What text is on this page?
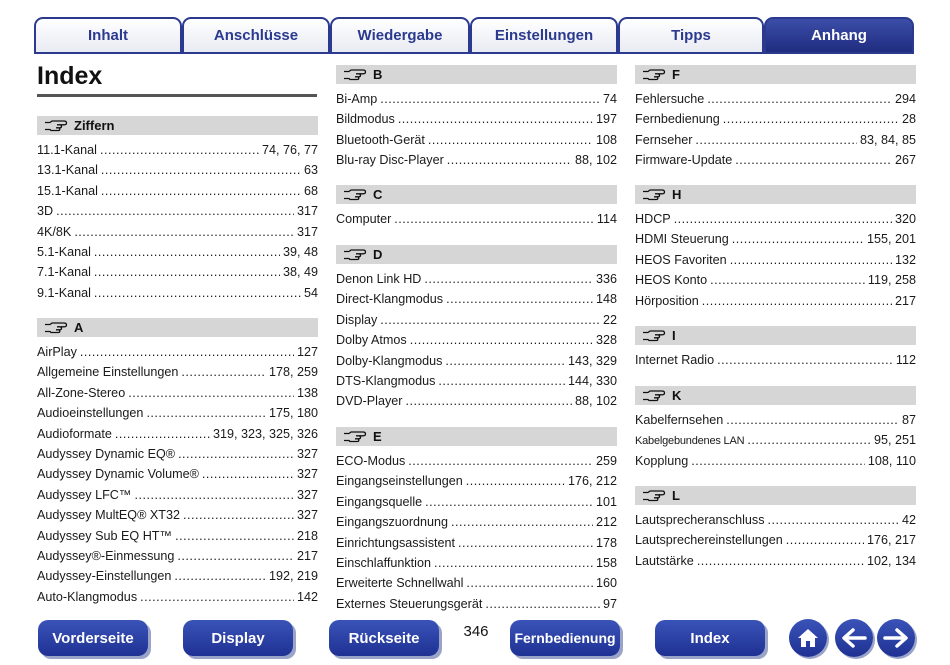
Inhalt	Anschlüsse	Wiedergabe	Einstellungen	Tipps	Anhang
Index
Ziffern
11.1-Kanal .....	74, 76, 77
13.1-Kanal .....	63
15.1-Kanal .....	68
3D .....	317
4K/8K .....	317
5.1-Kanal .....	39, 48
7.1-Kanal .....	38, 49
9.1-Kanal .....	54
A
AirPlay .....	127
Allgemeine Einstellungen .....	178, 259
All-Zone-Stereo .....	138
Audioeinstellungen .....	175, 180
Audioformate .....	319, 323, 325, 326
Audyssey Dynamic EQ® .....	327
Audyssey Dynamic Volume® .....	327
Audyssey LFC™ .....	327
Audyssey MultEQ® XT32 .....	327
Audyssey Sub EQ HT™ .....	218
Audyssey®-Einmessung .....	217
Audyssey-Einstellungen .....	192, 219
Auto-Klangmodus .....	142
B
Bi-Amp .....	74
Bildmodus .....	197
Bluetooth-Gerät .....	108
Blu-ray Disc-Player .....	88, 102
C
Computer .....	114
D
Denon Link HD .....	336
Direct-Klangmodus .....	148
Display .....	22
Dolby Atmos .....	328
Dolby-Klangmodus .....	143, 329
DTS-Klangmodus .....	144, 330
DVD-Player .....	88, 102
E
ECO-Modus .....	259
Eingangseinstellungen .....	176, 212
Eingangsquelle .....	101
Eingangszuordnung .....	212
Einrichtungsassistent .....	178
Einschlaffunktion .....	158
Erweiterte Schnellwahl .....	160
Externes Steuerungsgerät .....	97
F
Fehlersuche .....	294
Fernbedienung .....	28
Fernseher .....	83, 84, 85
Firmware-Update .....	267
H
HDCP .....	320
HDMI Steuerung .....	155, 201
HEOS Favoriten .....	132
HEOS Konto .....	119, 258
Hörposition .....	217
I
Internet Radio .....	112
K
Kabelfernsehen .....	87
Kabelgebundenes LAN .....	95, 251
Kopplung .....	108, 110
L
Lautsprecheranschluss .....	42
Lautsprechereinstellungen .....	176, 217
Lautstärke .....	102, 134
Vorderseite	Display	Rückseite	346	Fernbedienung	Index
